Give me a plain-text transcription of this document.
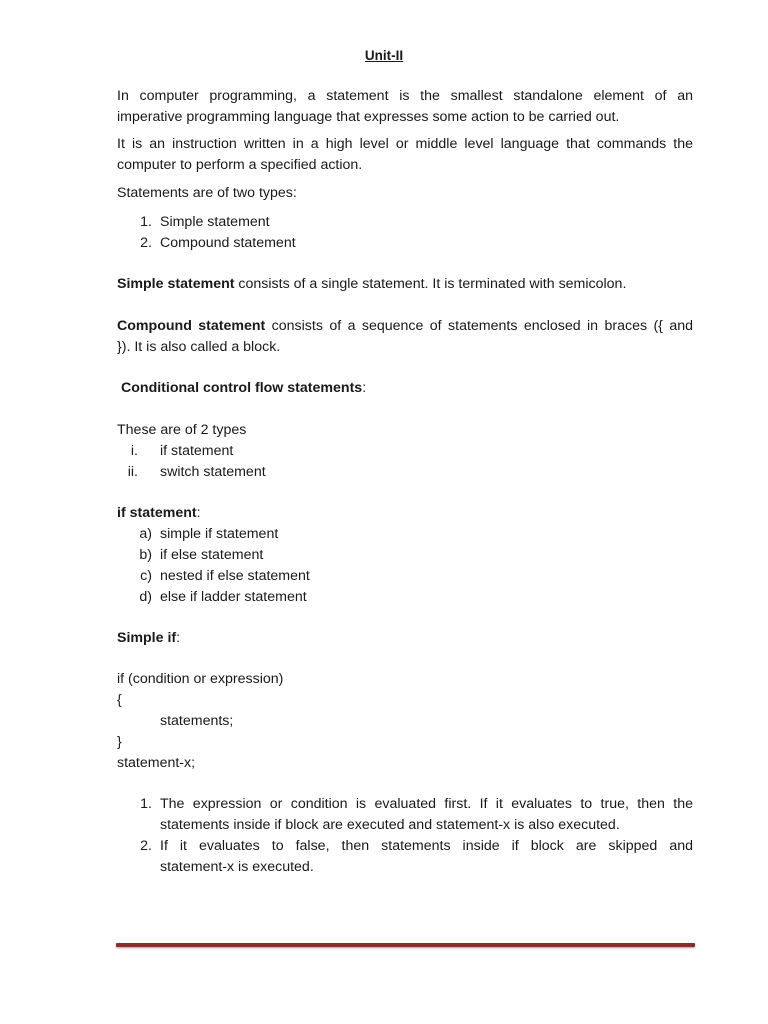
Unit-II
In computer programming, a statement is the smallest standalone element of an
imperative programming language that expresses some action to be carried out.
It is an instruction written in a high level or middle level language that commands the
computer to perform a specified action.
Statements are of two types:
1. Simple statement
2. Compound statement
Simple statement consists of a single statement. It is terminated with semicolon.
Compound statement consists of a sequence of statements enclosed in braces ({ and
}). It is also called a block.
Conditional control flow statements:
These are of 2 types
i. if statement
ii. switch statement
if statement:
a) simple if statement
b) if else statement
c) nested if else statement
d) else if ladder statement
Simple if:
if (condition or expression)
{
statements;
}
statement-x;
1. The expression or condition is evaluated first. If it evaluates to true, then the
statements inside if block are executed and statement-x is also executed.
2. If it evaluates to false, then statements inside if block are skipped and
statement-x is executed.
